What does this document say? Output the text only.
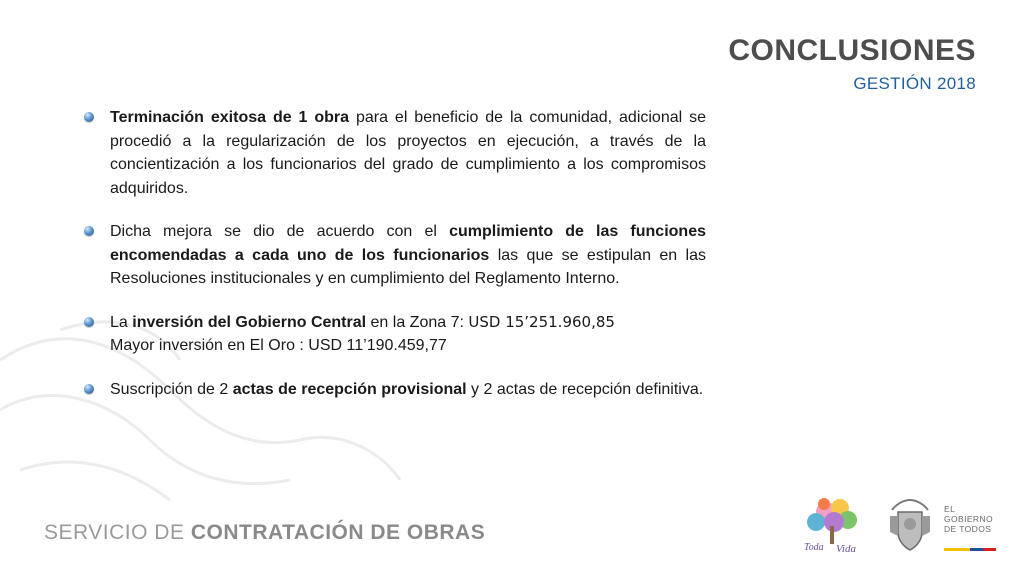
CONCLUSIONES
GESTIÓN 2018
Terminación exitosa de 1 obra para el beneficio de la comunidad, adicional se procedió a la regularización de los proyectos en ejecución, a través de la concientización a los funcionarios del grado de cumplimiento a los compromisos adquiridos.
Dicha mejora se dio de acuerdo con el cumplimiento de las funciones encomendadas a cada uno de los funcionarios las que se estipulan en las Resoluciones institucionales y en cumplimiento del Reglamento Interno.
La inversión del Gobierno Central en la Zona 7: USD 15’251.960,85
Mayor inversión en El Oro : USD 11’190.459,77
Suscripción de 2 actas de recepción provisional y 2 actas de recepción definitiva.
SERVICIO DE CONTRATACIÓN DE OBRAS
Toda Vida
EL
GOBIERNO
DE TODOS
